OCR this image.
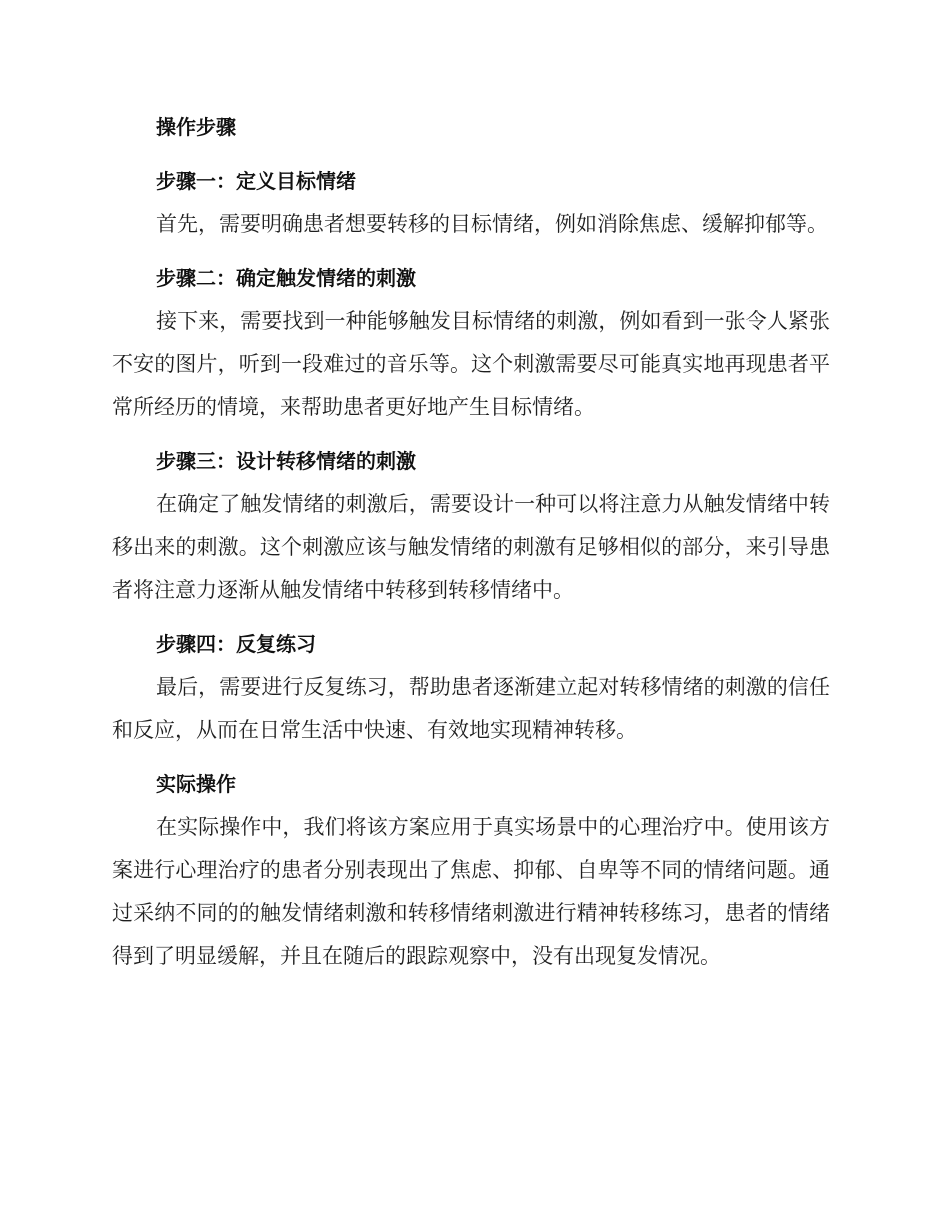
操作步骤
步骤一：定义目标情绪

首先，需要明确患者想要转移的目标情绪，例如消除焦虑、缓解抑郁等。

步骤二：确定触发情绪的刺激

接下来，需要找到一种能够触发目标情绪的刺激，例如看到一张令人紧张不安的图片，听到一段难过的音乐等。这个刺激需要尽可能真实地再现患者平常所经历的情境，来帮助患者更好地产生目标情绪。

步骤三：设计转移情绪的刺激

在确定了触发情绪的刺激后，需要设计一种可以将注意力从触发情绪中转移出来的刺激。这个刺激应该与触发情绪的刺激有足够相似的部分，来引导患者将注意力逐渐从触发情绪中转移到转移情绪中。

步骤四：反复练习

最后，需要进行反复练习，帮助患者逐渐建立起对转移情绪的刺激的信任和反应，从而在日常生活中快速、有效地实现精神转移。

实际操作

在实际操作中，我们将该方案应用于真实场景中的心理治疗中。使用该方案进行心理治疗的患者分别表现出了焦虑、抑郁、自卑等不同的情绪问题。通过采纳不同的的触发情绪刺激和转移情绪刺激进行精神转移练习，患者的情绪得到了明显缓解，并且在随后的跟踪观察中，没有出现复发情况。
